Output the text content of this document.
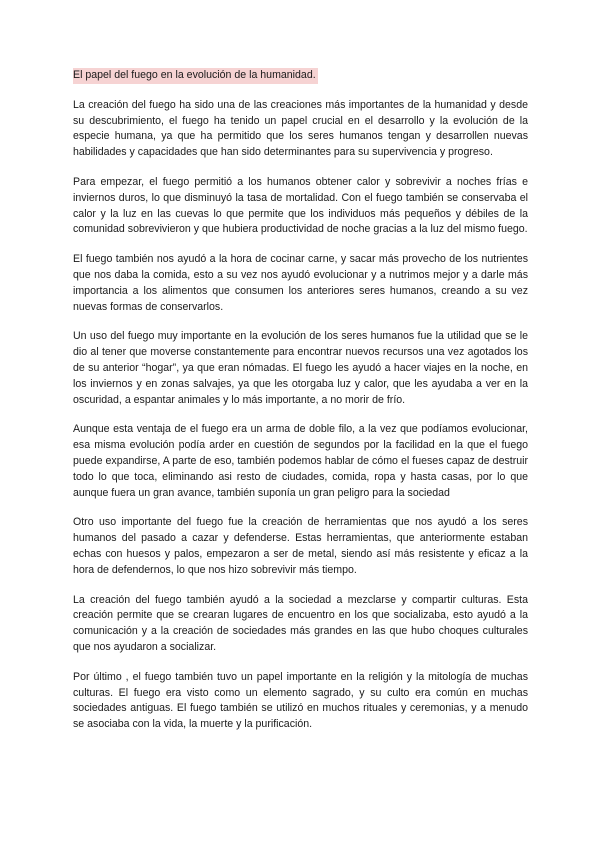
El papel del fuego en la evolución de la humanidad.

La creación del fuego ha sido una de las creaciones más importantes de la humanidad y desde su descubrimiento, el fuego ha tenido un papel crucial en el desarrollo y la evolución de la especie humana, ya que ha permitido que los seres humanos tengan y desarrollen nuevas habilidades y capacidades que han sido determinantes para su supervivencia y progreso.

Para empezar, el fuego permitió a los humanos obtener calor y sobrevivir a noches frías e inviernos duros, lo que disminuyó la tasa de mortalidad. Con el fuego también se conservaba el calor y la luz en las cuevas lo que permite que los individuos más pequeños y débiles de la comunidad sobrevivieron y que hubiera productividad de noche gracias a la luz del mismo fuego.

El fuego también nos ayudó a la hora de cocinar carne, y sacar más provecho de los nutrientes que nos daba la comida, esto a su vez nos ayudó evolucionar y a nutrimos mejor y a darle más importancia a los alimentos que consumen los anteriores seres humanos, creando a su vez nuevas formas de conservarlos.

Un uso del fuego muy importante en la evolución de los seres humanos fue la utilidad que se le dio al tener que moverse constantemente para encontrar nuevos recursos una vez agotados los de su anterior “hogar”, ya que eran nómadas. El fuego les ayudó a hacer viajes en la noche, en los inviernos y en zonas salvajes, ya que les otorgaba luz y calor, que les ayudaba a ver en la oscuridad, a espantar animales y lo más importante, a no morir de frío.

Aunque esta ventaja de el fuego era un arma de doble filo, a la vez que podíamos evolucionar, esa misma evolución podía arder en cuestión de segundos por la facilidad en la que el fuego puede expandirse, A parte de eso, también podemos hablar de cómo el fueses capaz de destruir todo lo que toca, eliminando asi resto de ciudades, comida, ropa y hasta casas, por lo que aunque fuera un gran avance, también suponía un gran peligro para la sociedad

Otro uso importante del fuego fue la creación de herramientas que nos ayudó a los seres humanos del pasado a cazar y defenderse. Estas herramientas, que anteriormente estaban echas con huesos y palos, empezaron a ser de metal, siendo así más resistente y eficaz a la hora de defendernos, lo que nos hizo sobrevivir más tiempo.

La creación del fuego también ayudó a la sociedad a mezclarse y compartir culturas. Esta creación permite que se crearan lugares de encuentro en los que socializaba, esto ayudó a la comunicación y a la creación de sociedades más grandes en las que hubo choques culturales que nos ayudaron a socializar.

Por último , el fuego también tuvo un papel importante en la religión y la mitología de muchas culturas. El fuego era visto como un elemento sagrado, y su culto era común en muchas sociedades antiguas. El fuego también se utilizó en muchos rituales y ceremonias, y a menudo se asociaba con la vida, la muerte y la purificación.
